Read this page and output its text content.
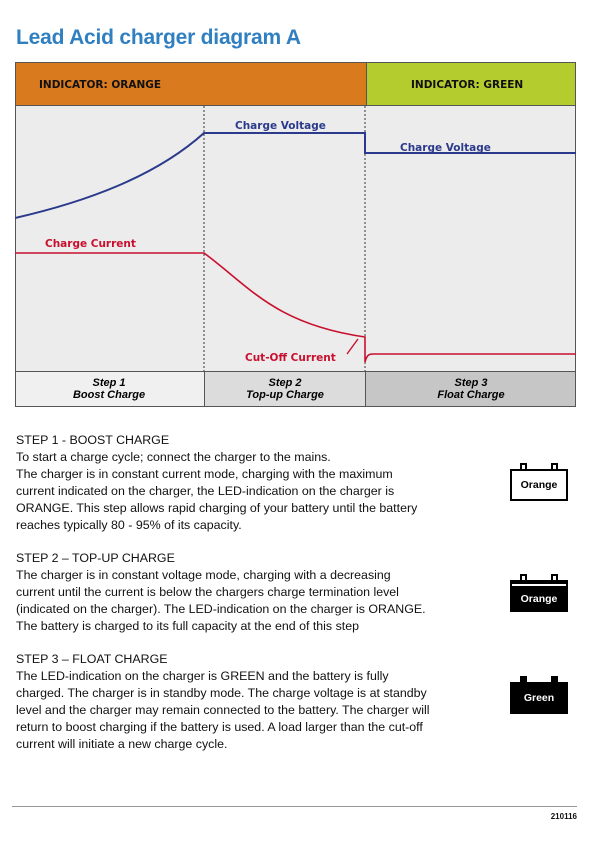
Lead Acid charger diagram A
INDICATOR: ORANGE	INDICATOR: GREEN
Charge Voltage
Charge Voltage
Charge Current
Cut-Off Current
Step 1
Boost Charge
Step 2
Top-up Charge
Step 3
Float Charge
STEP 1 - BOOST CHARGE
To start a charge cycle; connect the charger to the mains.
The charger is in constant current mode, charging with the maximum
current indicated on the charger, the LED-indication on the charger is
ORANGE. This step allows rapid charging of your battery until the battery
reaches typically 80 - 95% of its capacity.
Orange
STEP 2 – TOP-UP CHARGE
The charger is in constant voltage mode, charging with a decreasing
current until the current is below the chargers charge termination level
(indicated on the charger). The LED-indication on the charger is ORANGE.
The battery is charged to its full capacity at the end of this step
Orange
STEP 3 – FLOAT CHARGE
The LED-indication on the charger is GREEN and the battery is fully
charged. The charger is in standby mode. The charge voltage is at standby
level and the charger may remain connected to the battery. The charger will
return to boost charging if the battery is used. A load larger than the cut-off
current will initiate a new charge cycle.
Green
210116
